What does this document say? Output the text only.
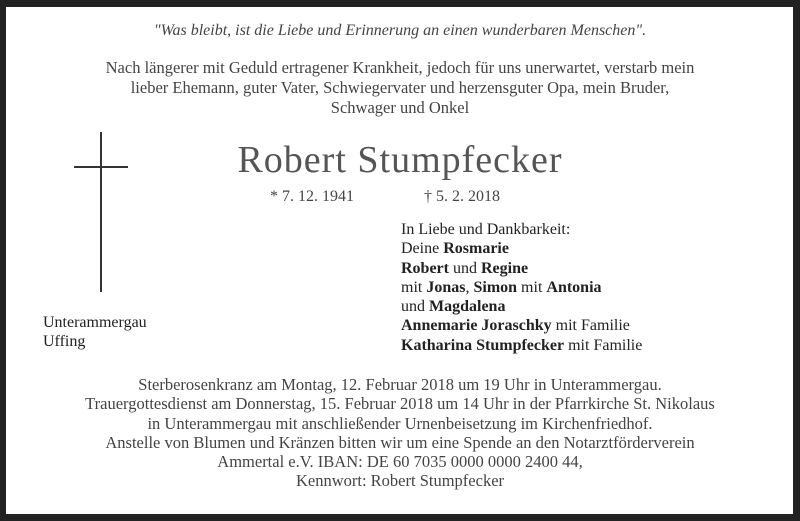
"Was bleibt, ist die Liebe und Erinnerung an einen wunderbaren Menschen".
Nach längerer mit Geduld ertragener Krankheit, jedoch für uns unerwartet, verstarb mein
lieber Ehemann, guter Vater, Schwiegervater und herzensguter Opa, mein Bruder,
Schwager und Onkel
Robert Stumpfecker
* 7. 12. 1941	† 5. 2. 2018
Unterammergau
Uffing
In Liebe und Dankbarkeit:
Deine Rosmarie
Robert und Regine
mit Jonas, Simon mit Antonia
und Magdalena
Annemarie Joraschky mit Familie
Katharina Stumpfecker mit Familie
Sterberosenkranz am Montag, 12. Februar 2018 um 19 Uhr in Unterammergau.
Trauergottesdienst am Donnerstag, 15. Februar 2018 um 14 Uhr in der Pfarrkirche St. Nikolaus
in Unterammergau mit anschließender Urnenbeisetzung im Kirchenfriedhof.
Anstelle von Blumen und Kränzen bitten wir um eine Spende an den Notarztförderverein
Ammertal e.V. IBAN: DE 60 7035 0000 0000 2400 44,
Kennwort: Robert Stumpfecker
